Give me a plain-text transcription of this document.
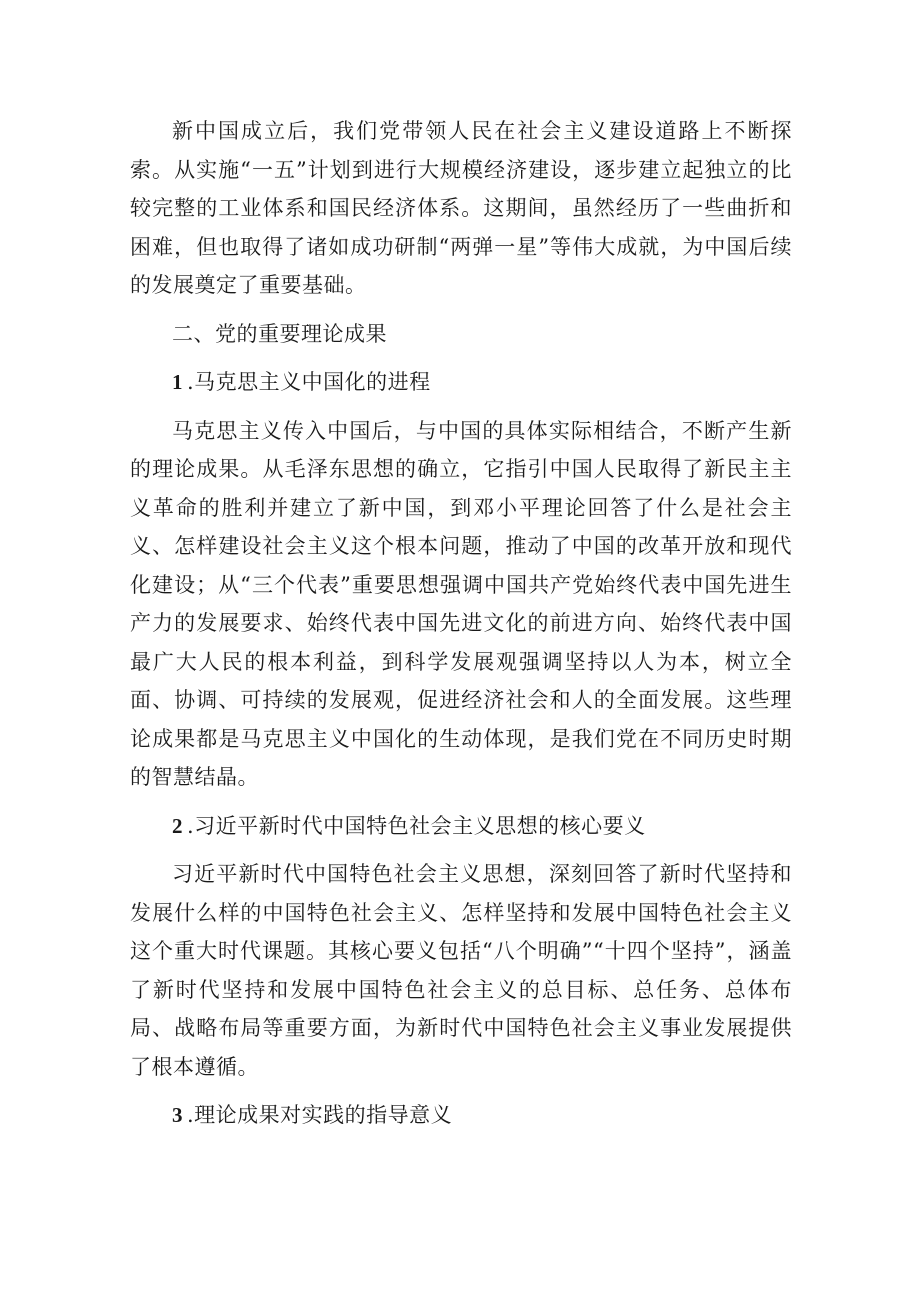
新中国成立后，我们党带领人民在社会主义建设道路上不断探索。从实施“一五”计划到进行大规模经济建设，逐步建立起独立的比较完整的工业体系和国民经济体系。这期间，虽然经历了一些曲折和困难，但也取得了诸如成功研制“两弹一星”等伟大成就，为中国后续的发展奠定了重要基础。

二、党的重要理论成果

1 .马克思主义中国化的进程

马克思主义传入中国后，与中国的具体实际相结合，不断产生新的理论成果。从毛泽东思想的确立，它指引中国人民取得了新民主主义革命的胜利并建立了新中国，到邓小平理论回答了什么是社会主义、怎样建设社会主义这个根本问题，推动了中国的改革开放和现代化建设；从“三个代表”重要思想强调中国共产党始终代表中国先进生产力的发展要求、始终代表中国先进文化的前进方向、始终代表中国最广大人民的根本利益，到科学发展观强调坚持以人为本，树立全面、协调、可持续的发展观，促进经济社会和人的全面发展。这些理论成果都是马克思主义中国化的生动体现，是我们党在不同历史时期的智慧结晶。

2 .习近平新时代中国特色社会主义思想的核心要义

习近平新时代中国特色社会主义思想，深刻回答了新时代坚持和发展什么样的中国特色社会主义、怎样坚持和发展中国特色社会主义这个重大时代课题。其核心要义包括“八个明确”“十四个坚持”，涵盖了新时代坚持和发展中国特色社会主义的总目标、总任务、总体布局、战略布局等重要方面，为新时代中国特色社会主义事业发展提供了根本遵循。

3 .理论成果对实践的指导意义
